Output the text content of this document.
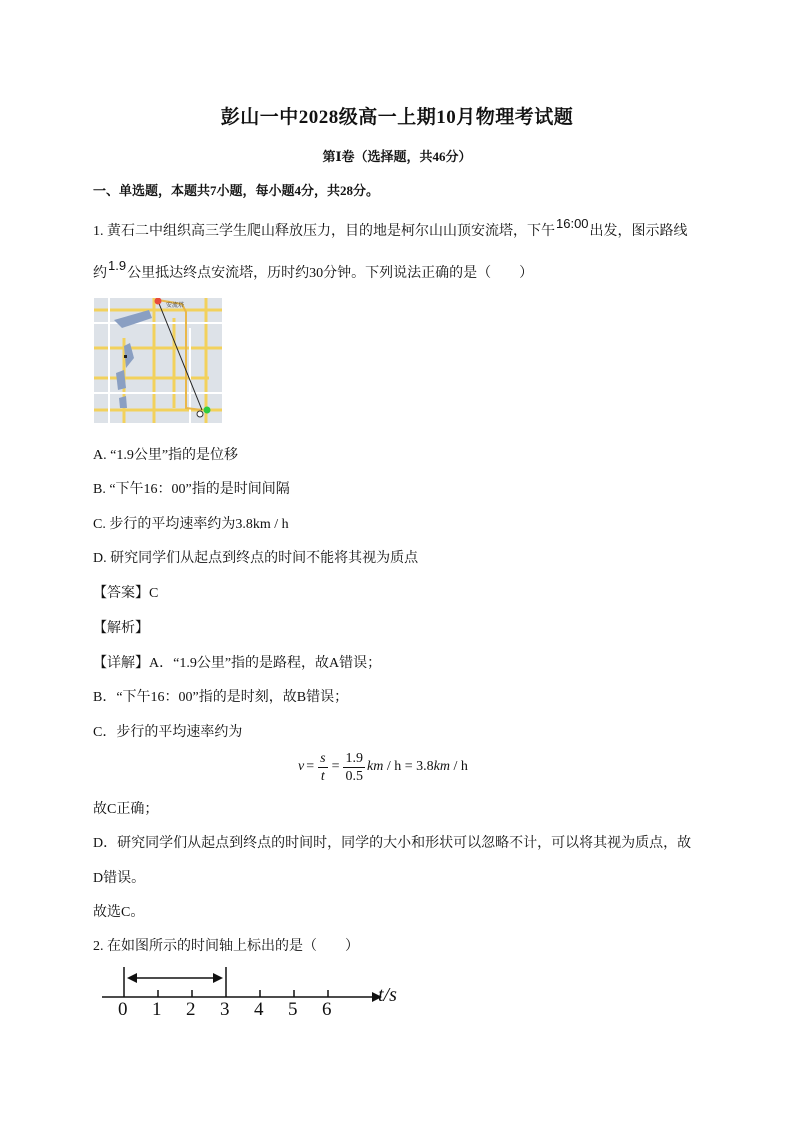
彭山一中2028级高一上期10月物理考试题
第Ⅰ卷（选择题，共46分）
一、单选题，本题共7小题，每小题4分，共28分。
1. 黄石二中组织高三学生爬山释放压力，目的地是柯尔山山顶安流塔，下午16:00出发，图示路线
约1.9公里抵达终点安流塔，历时约30分钟。下列说法正确的是（　　）
安流塔
A. “1.9公里”指的是位移
B. “下午16：00”指的是时间间隔
C. 步行的平均速率约为3.8km / h
D. 研究同学们从起点到终点的时间不能将其视为质点
【答案】C
【解析】
【详解】A．“1.9公里”指的是路程，故A错误；
B．“下午16：00”指的是时刻，故B错误；
C．步行的平均速率约为
$v = \frac{s}{t} = \frac{1.9}{0.5}$ km / h = 3.8 km / h
故C正确；
D．研究同学们从起点到终点的时间时，同学的大小和形状可以忽略不计，可以将其视为质点，故
D错误。
故选C。
2. 在如图所示的时间轴上标出的是（　　）
0 1 2 3 4 5 6
t/s
